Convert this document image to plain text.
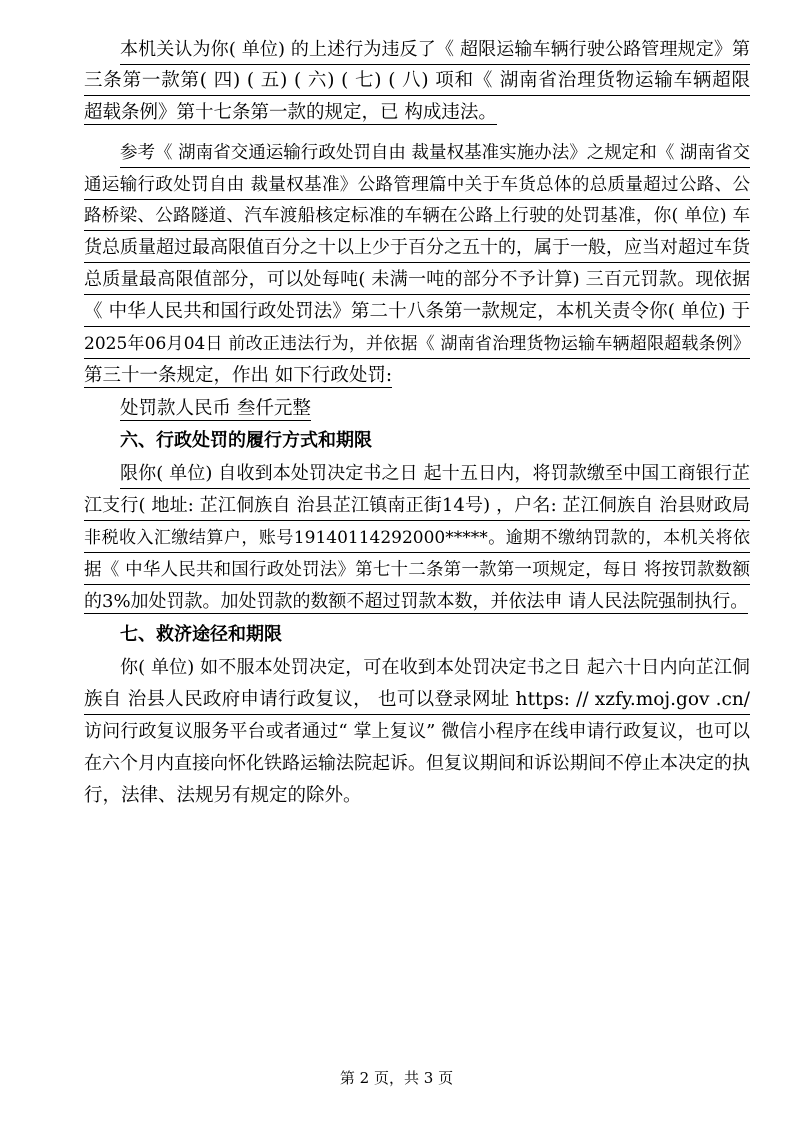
本机关认为你( 单位) 的上述行为违反了《 超限运输车辆行驶公路管理规定》第
三条第一款第( 四) ( 五) ( 六) ( 七) ( 八) 项和《 湖南省治理货物运输车辆超限
超载条例》第十七条第一款的规定，已 构成违法。
参考《 湖南省交通运输行政处罚自由 裁量权基准实施办法》之规定和《 湖南省交
通运输行政处罚自由 裁量权基准》公路管理篇中关于车货总体的总质量超过公路、公
路桥梁、公路隧道、汽车渡船核定标准的车辆在公路上行驶的处罚基准，你( 单位) 车
货总质量超过最高限值百分之十以上少于百分之五十的，属于一般，应当对超过车货
总质量最高限值部分，可以处每吨( 未满一吨的部分不予计算) 三百元罚款。现依据
《 中华人民共和国行政处罚法》第二十八条第一款规定，本机关责令你( 单位) 于
2025年06月04日 前改正违法行为，并依据《 湖南省治理货物运输车辆超限超载条例》
第三十一条规定，作出 如下行政处罚:
处罚款人民币 叁仟元整
六、行政处罚的履行方式和期限
限你( 单位) 自收到本处罚决定书之日 起十五日内，将罚款缴至中国工商银行芷
江支行( 地址: 芷江侗族自 治县芷江镇南正街14号) ，户名: 芷江侗族自 治县财政局
非税收入汇缴结算户，账号19140114292000*****。逾期不缴纳罚款的，本机关将依
据《 中华人民共和国行政处罚法》第七十二条第一款第一项规定，每日 将按罚款数额
的3%加处罚款。加处罚款的数额不超过罚款本数，并依法申 请人民法院强制执行。
七、救济途径和期限
你( 单位) 如不服本处罚决定，可在收到本处罚决定书之日 起六十日内向芷江侗
族自 治县人民政府申请行政复议， 也可以登录网址 https: // xzfy.moj.gov .cn/
访问行政复议服务平台或者通过“ 掌上复议” 微信小程序在线申请行政复议，也可以
在六个月内直接向怀化铁路运输法院起诉。但复议期间和诉讼期间不停止本决定的执
行，法律、法规另有规定的除外。
第 2 页，共 3 页
